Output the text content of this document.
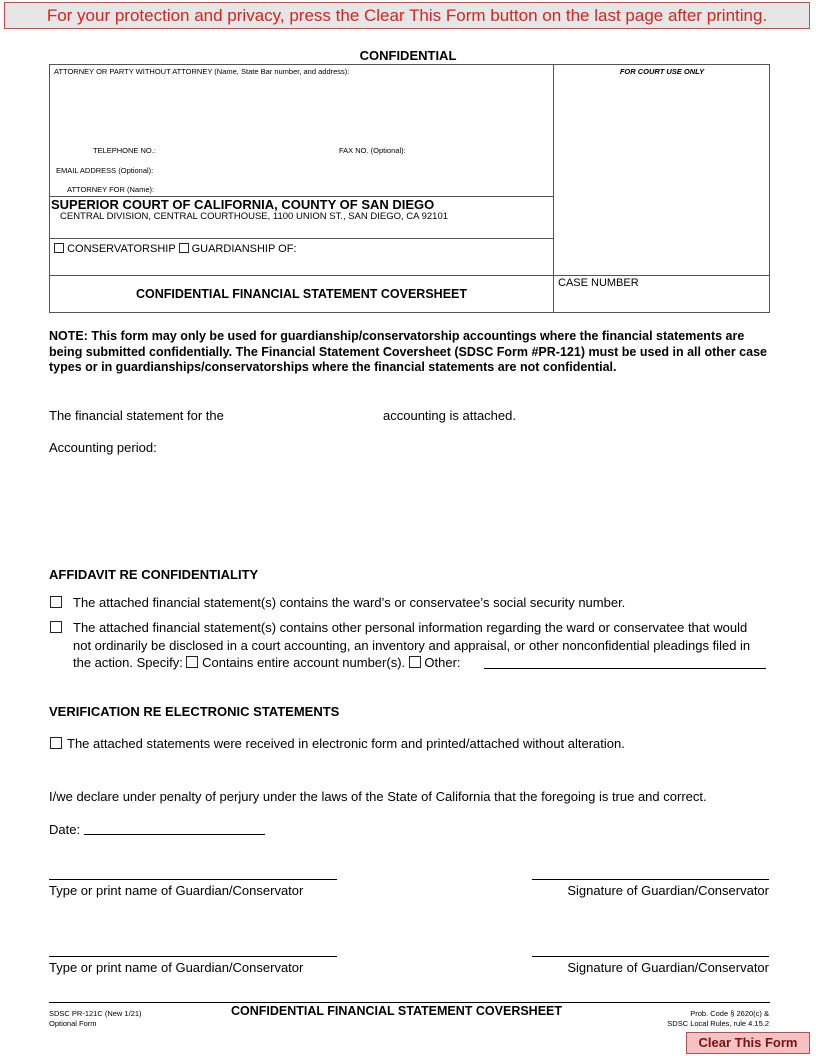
For your protection and privacy, press the Clear This Form button on the last page after printing.
CONFIDENTIAL
ATTORNEY OR PARTY WITHOUT ATTORNEY (Name, State Bar number, and address):	FOR COURT USE ONLY
TELEPHONE NO.:	FAX NO. (Optional):
EMAIL ADDRESS (Optional):
ATTORNEY FOR (Name):
SUPERIOR COURT OF CALIFORNIA, COUNTY OF SAN DIEGO
CENTRAL DIVISION, CENTRAL COURTHOUSE, 1100 UNION ST., SAN DIEGO, CA 92101
CONSERVATORSHIP GUARDIANSHIP OF:
CONFIDENTIAL FINANCIAL STATEMENT COVERSHEET
CASE NUMBER
NOTE: This form may only be used for guardianship/conservatorship accountings where the financial statements are being submitted confidentially. The Financial Statement Coversheet (SDSC Form #PR-121) must be used in all other case types or in guardianships/conservatorships where the financial statements are not confidential.
The financial statement for the	accounting is attached.
Accounting period:
AFFIDAVIT RE CONFIDENTIALITY
The attached financial statement(s) contains the ward’s or conservatee’s social security number.
The attached financial statement(s) contains other personal information regarding the ward or conservatee that would
not ordinarily be disclosed in a court accounting, an inventory and appraisal, or other nonconfidential pleadings filed in
the action. Specify: Contains entire account number(s). Other:
VERIFICATION RE ELECTRONIC STATEMENTS
The attached statements were received in electronic form and printed/attached without alteration.
I/we declare under penalty of perjury under the laws of the State of California that the foregoing is true and correct.
Date:
Type or print name of Guardian/Conservator	Signature of Guardian/Conservator
Type or print name of Guardian/Conservator	Signature of Guardian/Conservator
SDSC PR-121C (New 1/21)
Optional Form
CONFIDENTIAL FINANCIAL STATEMENT COVERSHEET	Prob. Code § 2620(c) &
SDSC Local Rules, rule 4.15.2
Clear This Form
